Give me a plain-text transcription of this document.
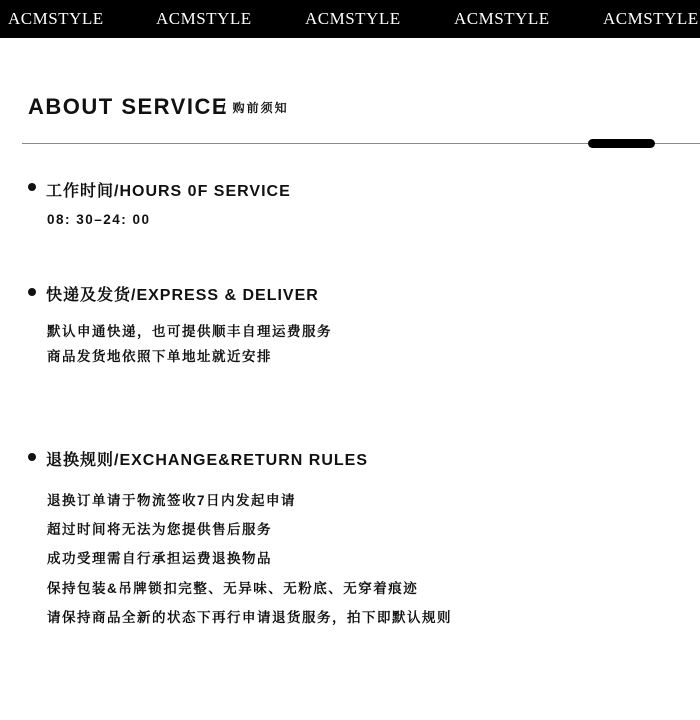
ACMSTYLE	ACMSTYLE	ACMSTYLE	ACMSTYLE	ACMSTYLE
ABOUT SERVICE
/ 购前须知
工作时间/HOURS 0F SERVICE
08: 30–24: 00
快递及发货/EXPRESS & DELIVER
默认申通快递，也可提供顺丰自理运费服务
商品发货地依照下单地址就近安排
退换规则/EXCHANGE&RETURN RULES
退换订单请于物流签收7日内发起申请
超过时间将无法为您提供售后服务
成功受理需自行承担运费退换物品
保持包装&吊牌锁扣完整、无异味、无粉底、无穿着痕迹
请保持商品全新的状态下再行申请退货服务，拍下即默认规则
